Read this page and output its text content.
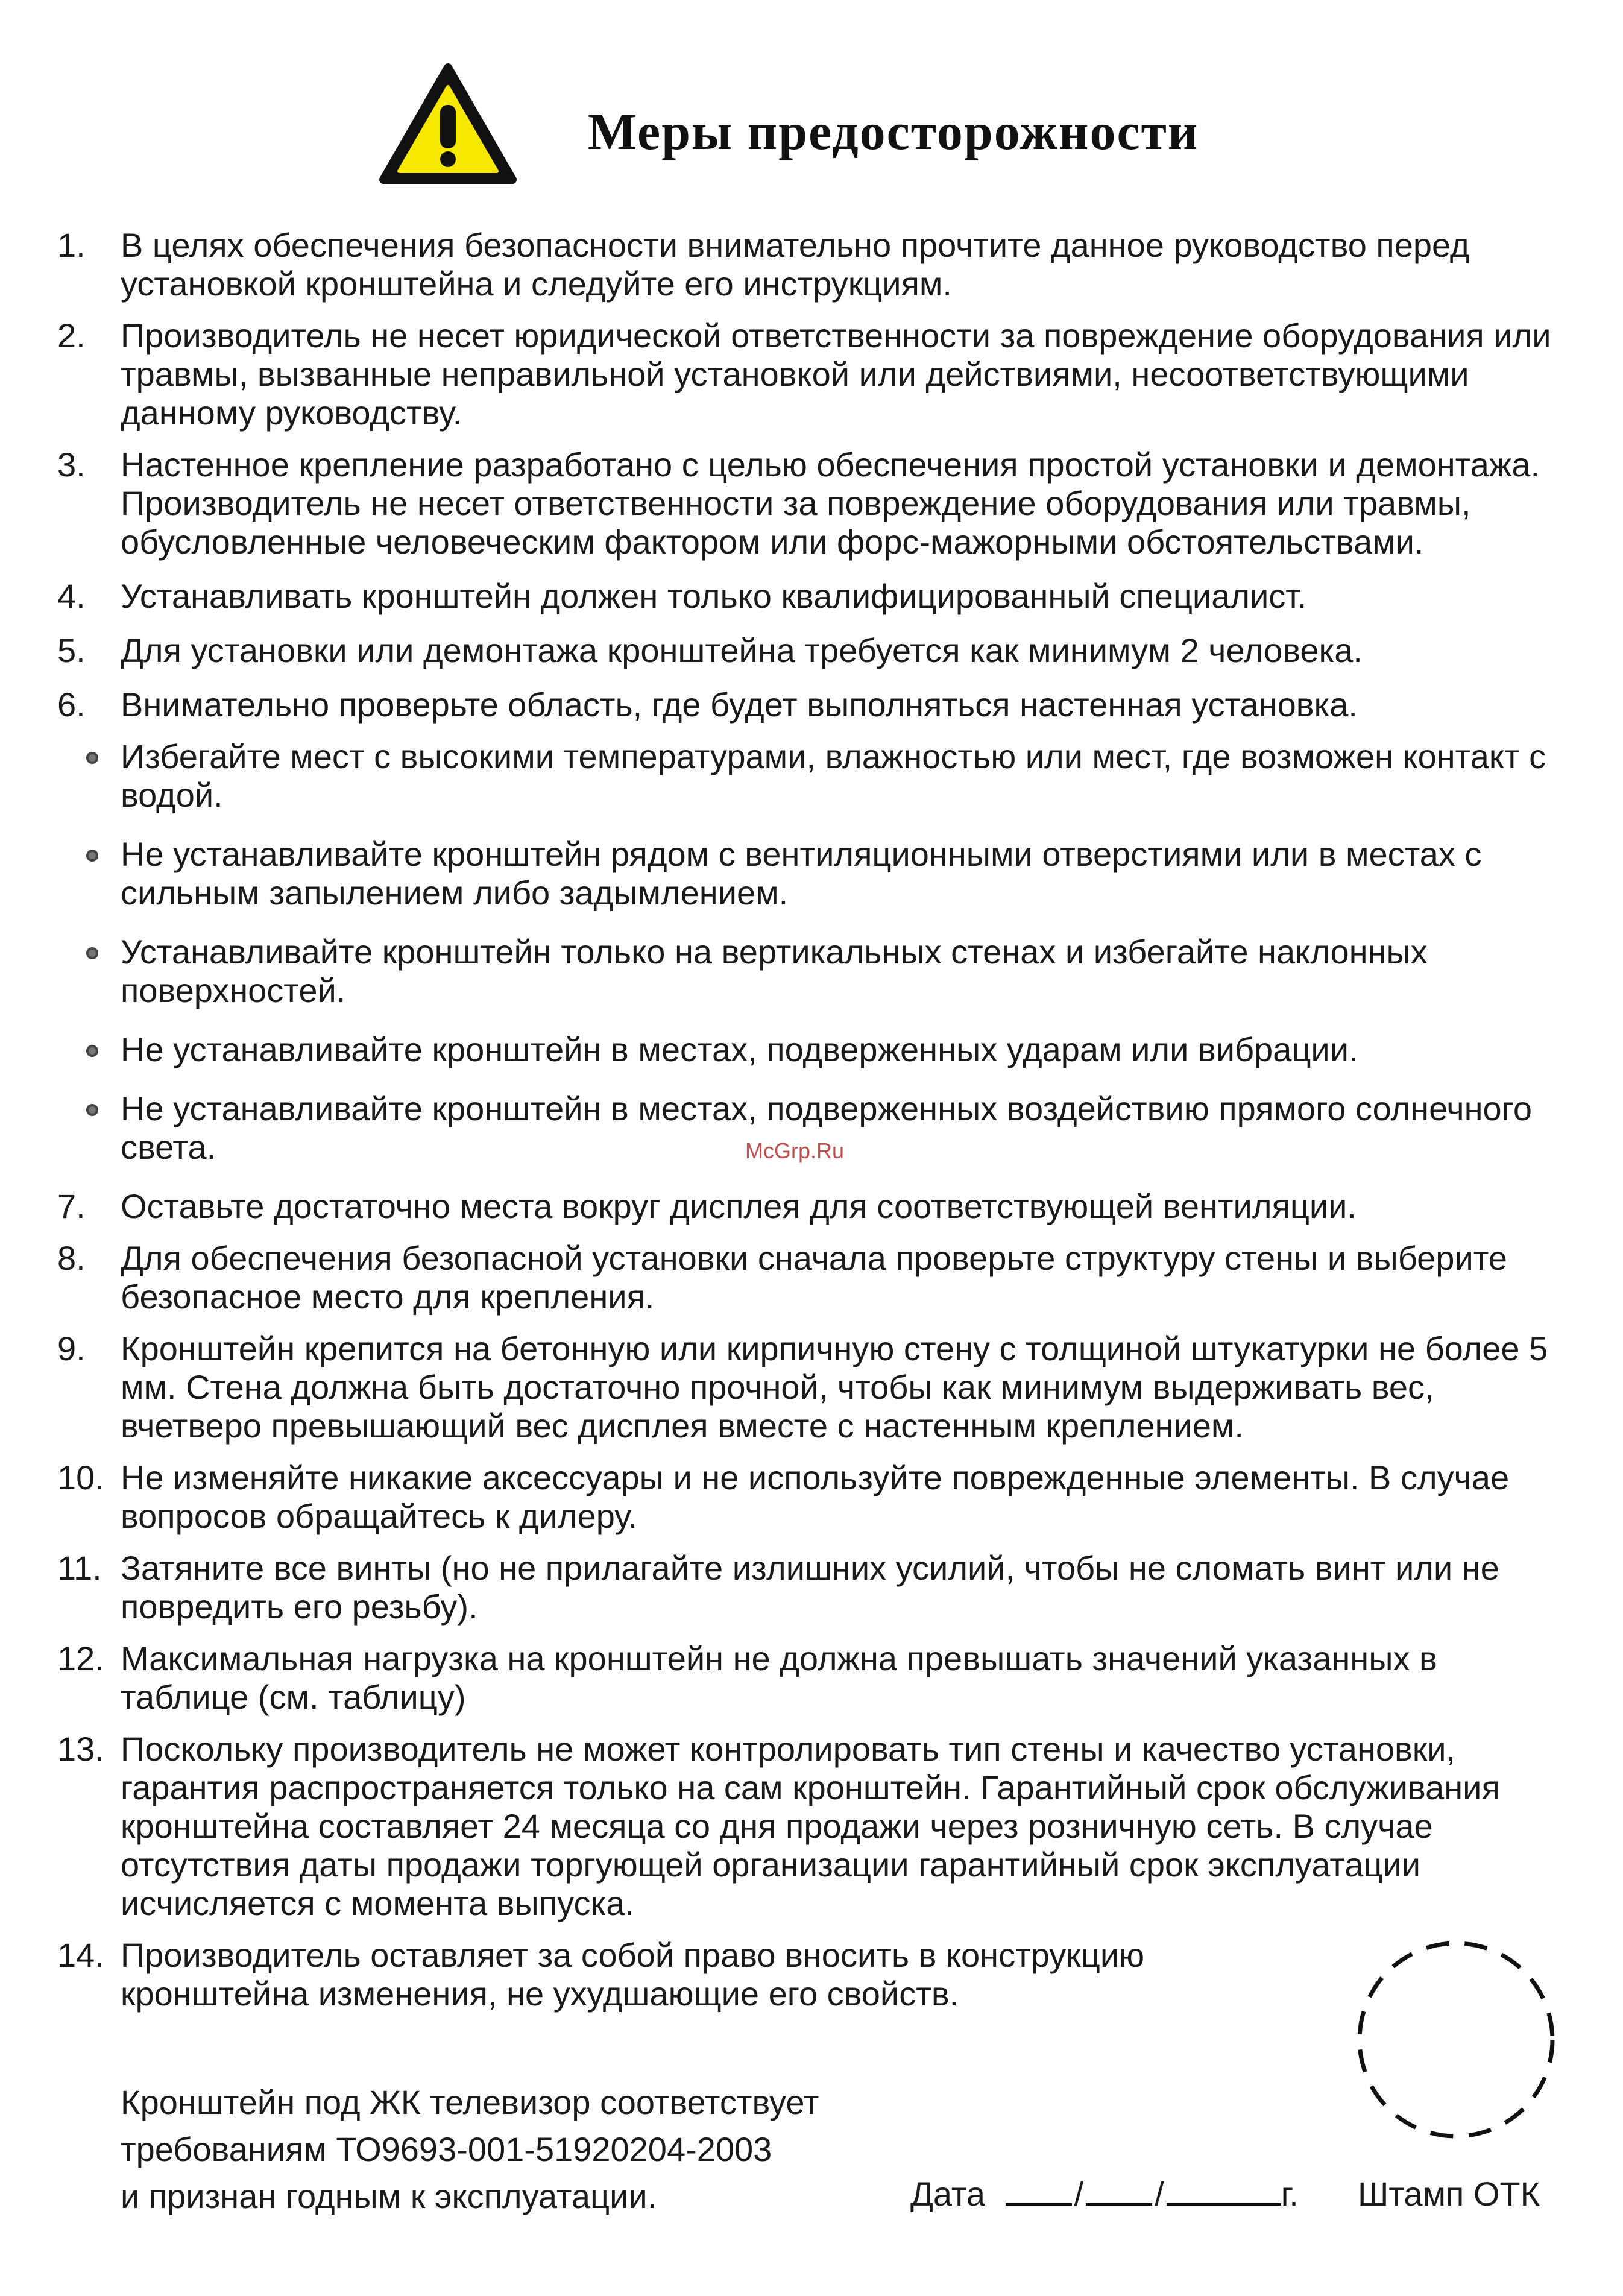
Меры предосторожности
1. В целях обеспечения безопасности внимательно прочтите данное руководство перед установкой кронштейна и следуйте его инструкциям.
2. Производитель не несет юридической ответственности за повреждение оборудования или травмы, вызванные неправильной установкой или действиями, несоответствующими данному руководству.
3. Настенное крепление разработано с целью обеспечения простой установки и демонтажа. Производитель не несет ответственности за повреждение оборудования или травмы, обусловленные человеческим фактором или форс-мажорными обстоятельствами.
4. Устанавливать кронштейн должен только квалифицированный специалист.
5. Для установки или демонтажа кронштейна требуется как минимум 2 человека.
6. Внимательно проверьте область, где будет выполняться настенная установка.
Избегайте мест с высокими температурами, влажностью или мест, где возможен контакт с водой.
Не устанавливайте кронштейн рядом с вентиляционными отверстиями или в местах с сильным запылением либо задымлением.
Устанавливайте кронштейн только на вертикальных стенах и избегайте наклонных поверхностей.
Не устанавливайте кронштейн в местах, подверженных ударам или вибрации.
Не устанавливайте кронштейн в местах, подверженных воздействию прямого солнечного света.
7. Оставьте достаточно места вокруг дисплея для соответствующей вентиляции.
8. Для обеспечения безопасной установки сначала проверьте структуру стены и выберите безопасное место для крепления.
9. Кронштейн крепится на бетонную или кирпичную стену с толщиной штукатурки не более 5 мм. Стена должна быть достаточно прочной, чтобы как минимум выдерживать вес, вчетверо превышающий вес дисплея вместе с настенным креплением.
10. Не изменяйте никакие аксессуары и не используйте поврежденные элементы. В случае вопросов обращайтесь к дилеру.
11. Затяните все винты (но не прилагайте излишних усилий, чтобы не сломать винт или не повредить его резьбу).
12. Максимальная нагрузка на кронштейн не должна превышать значений указанных в таблице (см. таблицу)
13. Поскольку производитель не может контролировать тип стены и качество установки, гарантия распространяется только на сам кронштейн. Гарантийный срок обслуживания кронштейна составляет 24 месяца со дня продажи через розничную сеть. В случае отсутствия даты продажи торгующей организации гарантийный срок эксплуатации исчисляется с момента выпуска.
14. Производитель оставляет за собой право вносить в конструкцию кронштейна изменения, не ухудшающие его свойств.
Кронштейн под ЖК телевизор соответствует
требованиям ТО9693-001-51920204-2003
и признан годным к эксплуатации.	Дата	/ /	г. Штамп ОТК
McGrp.Ru
